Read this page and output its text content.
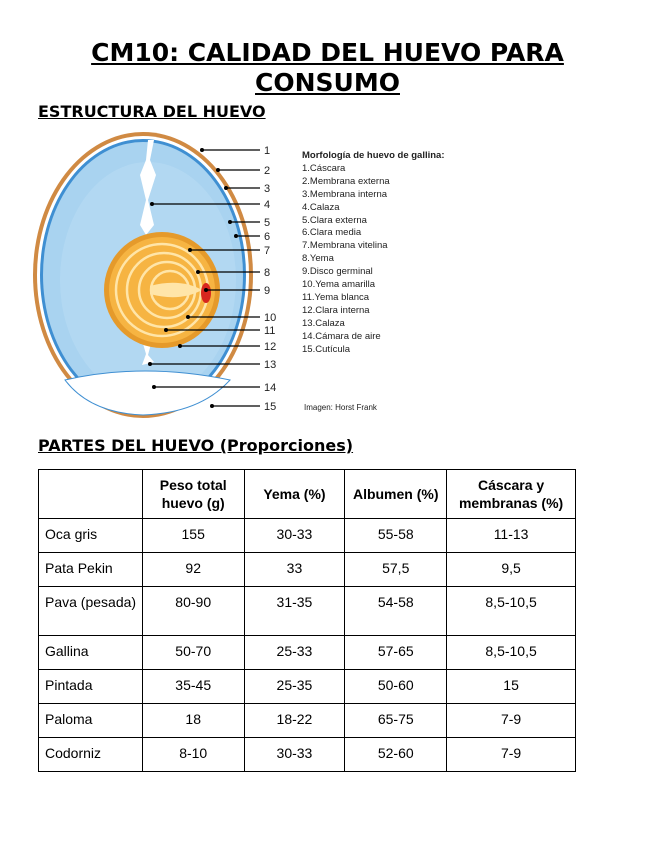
CM10: CALIDAD DEL HUEVO PARA CONSUMO
ESTRUCTURA DEL HUEVO
1
2
3
4
5
6
7
8
9
10
11
12
13
14
15
Morfología de huevo de gallina:
1.Cáscara
2.Membrana externa
3.Membrana interna
4.Calaza
5.Clara externa
6.Clara media
7.Membrana vitelina
8.Yema
9.Disco germinal
10.Yema amarilla
11.Yema blanca
12.Clara interna
13.Calaza
14.Cámara de aire
15.Cutícula
Imagen: Horst Frank
PARTES DEL HUEVO (Proporciones)
	Peso total huevo (g)	Yema (%)	Albumen (%)	Cáscara y membranas (%)
Oca gris	155	30-33	55-58	11-13
Pata Pekin	92	33	57,5	9,5
Pava (pesada)	80-90	31-35	54-58	8,5-10,5
Gallina	50-70	25-33	57-65	8,5-10,5
Pintada	35-45	25-35	50-60	15
Paloma	18	18-22	65-75	7-9
Codorniz	8-10	30-33	52-60	7-9
